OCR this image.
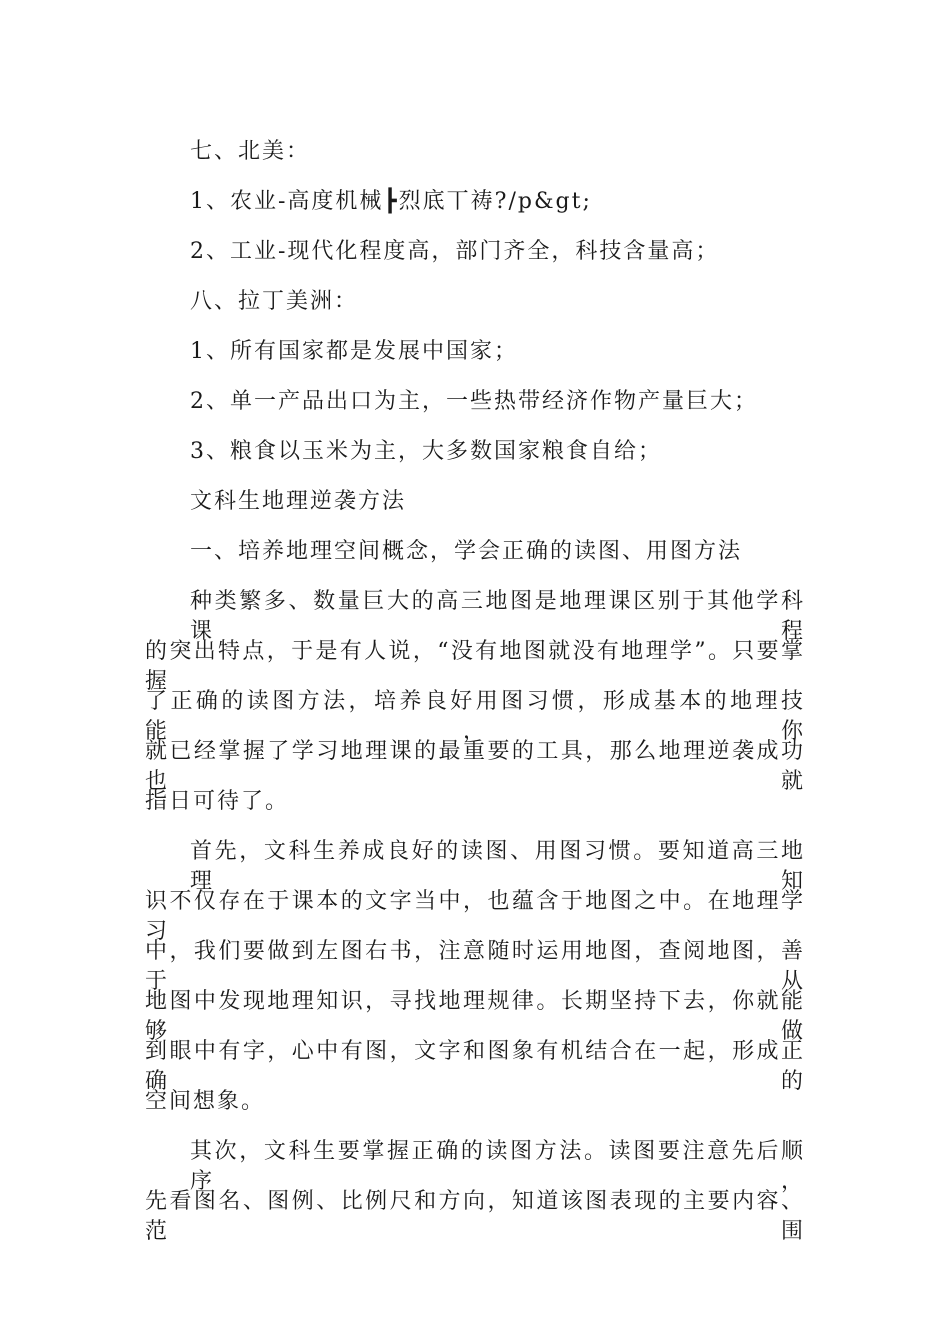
七、北美：
1、农业-高度机械┣烈底丅祷?/p&gt;
2、工业-现代化程度高，部门齐全，科技含量高；
八、拉丁美洲：
1、所有国家都是发展中国家；
2、单一产品出口为主，一些热带经济作物产量巨大；
3、粮食以玉米为主，大多数国家粮食自给；
文科生地理逆袭方法
一、培养地理空间概念，学会正确的读图、用图方法
种类繁多、数量巨大的高三地图是地理课区别于其他学科课程
的突出特点，于是有人说，“没有地图就没有地理学”。只要掌握
了正确的读图方法，培养良好用图习惯，形成基本的地理技能，你
就已经掌握了学习地理课的最重要的工具，那么地理逆袭成功也就
指日可待了。
首先，文科生养成良好的读图、用图习惯。要知道高三地理知
识不仅存在于课本的文字当中，也蕴含于地图之中。在地理学习
中，我们要做到左图右书，注意随时运用地图，查阅地图，善于从
地图中发现地理知识，寻找地理规律。长期坚持下去，你就能够做
到眼中有字，心中有图，文字和图象有机结合在一起，形成正确的
空间想象。
其次，文科生要掌握正确的读图方法。读图要注意先后顺序，
先看图名、图例、比例尺和方向，知道该图表现的主要内容、范围
